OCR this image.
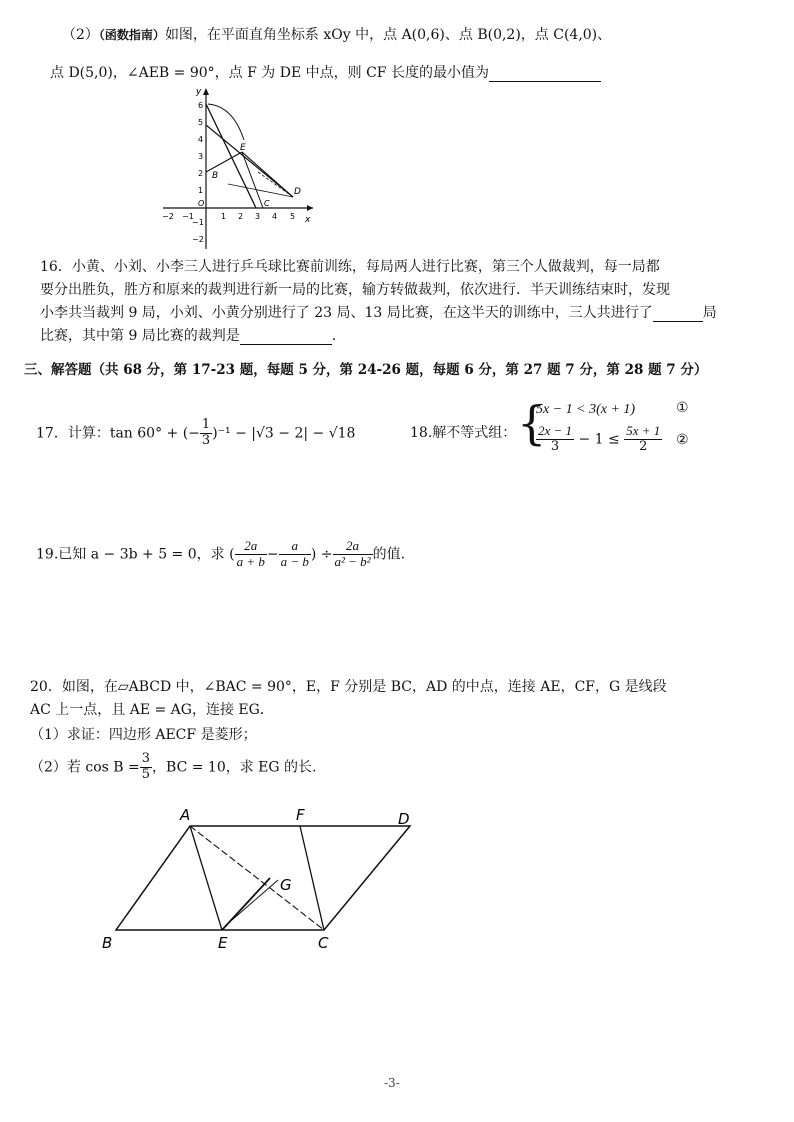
（2）（函数指南）如图，在平面直角坐标系 xOy 中，点 A(0,6)、点 B(0,2)，点 C(4,0)、
点 D(5,0)，∠AEB = 90°，点 F 为 DE 中点，则 CF 长度的最小值为
y
x
O
−2 −1	1 2 3 4 5
6
5
4
3
2
1
−1
−2
E
B
C
D
16．小黄、小刘、小李三人进行乒乓球比赛前训练，每局两人进行比赛，第三个人做裁判，每一局都
要分出胜负，胜方和原来的裁判进行新一局的比赛，输方转做裁判，依次进行．半天训练结束时，发现
小李共当裁判 9 局，小刘、小黄分别进行了 23 局、13 局比赛，在这半天的训练中，三人共进行了	局
比赛，其中第 9 局比赛的裁判是	．
三、解答题（共 68 分，第 17-23 题，每题 5 分，第 24-26 题，每题 6 分，第 27 题 7 分，第 28 题 7 分）
17．计算：tan 60° + (− $\frac{1}{3} )^{-1} - |√3 - 2| - √18$	18.解不等式组： {
5x − 1 < 3(x + 1)	①
$\frac{2x - 1}{3} - 1 \le \frac{5x + 1}{2}$ ②
19.已知 a − 3b + 5 = 0，求 ( $\frac{2a}{a + b} - \frac{a}{a - b}$ ) ÷ $\frac{2a}{\text{a² − b²}}$ 的值.
20．如图，在▱ABCD 中，∠BAC = 90°，E，F 分别是 BC，AD 的中点，连接 AE，CF，G 是线段
AC 上一点，且 AE = AG，连接 EG．
（1）求证：四边形 AECF 是菱形；
（2）若 $\cos B = \frac{3}{5}$ ，BC = 10，求 EG 的长.
A	F	D
B	E	C
G
-3-
